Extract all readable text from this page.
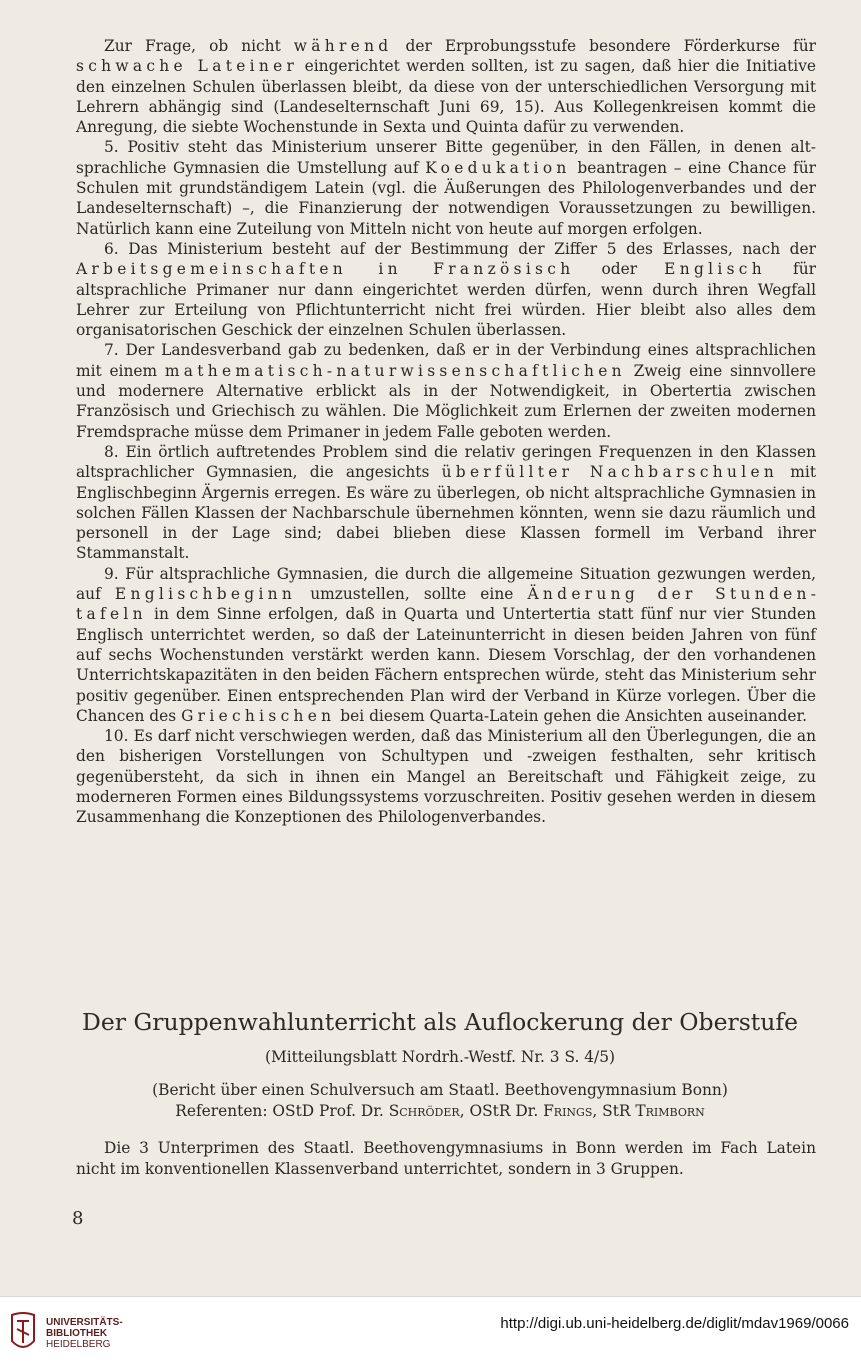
Zur Frage, ob nicht während der Erprobungsstufe besondere Förderkurse für schwache Lateiner eingerichtet werden sollten, ist zu sagen, daß hier die Initiative den einzelnen Schulen überlassen bleibt, da diese von der unterschiedlichen Versorgung mit Lehrern abhängig sind (Landeselternschaft Juni 69, 15). Aus Kollegenkreisen kommt die Anregung, die siebte Wochenstunde in Sexta und Quinta dafür zu verwenden.

5. Positiv steht das Ministerium unserer Bitte gegenüber, in den Fällen, in denen altsprachliche Gymnasien die Umstellung auf Koedukation beantragen – eine Chance für Schulen mit grundständigem Latein (vgl. die Äußerungen des Philologenverbandes und der Landeselternschaft) –, die Finanzierung der notwendigen Voraussetzungen zu bewilligen. Natürlich kann eine Zuteilung von Mitteln nicht von heute auf morgen erfolgen.

6. Das Ministerium besteht auf der Bestimmung der Ziffer 5 des Erlasses, nach der Arbeitsgemeinschaften in Französisch oder Englisch für altsprachliche Primaner nur dann eingerichtet werden dürfen, wenn durch ihren Wegfall Lehrer zur Erteilung von Pflichtunterricht nicht frei würden. Hier bleibt also alles dem organisatorischen Geschick der einzelnen Schulen überlassen.

7. Der Landesverband gab zu bedenken, daß er in der Verbindung eines altsprachlichen mit einem mathematisch-naturwissenschaftlichen Zweig eine sinnvollere und modernere Alternative erblickt als in der Notwendigkeit, in Obertertia zwischen Französisch und Griechisch zu wählen. Die Möglichkeit zum Erlernen der zweiten modernen Fremdsprache müsse dem Primaner in jedem Falle geboten werden.

8. Ein örtlich auftretendes Problem sind die relativ geringen Frequenzen in den Klassen altsprachlicher Gymnasien, die angesichts überfüllter Nachbarschulen mit Englischbeginn Ärgernis erregen. Es wäre zu überlegen, ob nicht altsprachliche Gymnasien in solchen Fällen Klassen der Nachbarschule übernehmen könnten, wenn sie dazu räumlich und personell in der Lage sind; dabei blieben diese Klassen formell im Verband ihrer Stammanstalt.

9. Für altsprachliche Gymnasien, die durch die allgemeine Situation gezwungen werden, auf Englischbeginn umzustellen, sollte eine Änderung der Stundentafeln in dem Sinne erfolgen, daß in Quarta und Untertertia statt fünf nur vier Stunden Englisch unterrichtet werden, so daß der Lateinunterricht in diesen beiden Jahren von fünf auf sechs Wochenstunden verstärkt werden kann. Diesem Vorschlag, der den vorhandenen Unterrichtskapazitäten in den beiden Fächern entsprechen würde, steht das Ministerium sehr positiv gegenüber. Einen entsprechenden Plan wird der Verband in Kürze vorlegen. Über die Chancen des Griechischen bei diesem Quarta-Latein gehen die Ansichten auseinander.

10. Es darf nicht verschwiegen werden, daß das Ministerium all den Überlegungen, die an den bisherigen Vorstellungen von Schultypen und -zweigen festhalten, sehr kritisch gegenübersteht, da sich in ihnen ein Mangel an Bereitschaft und Fähigkeit zeige, zu moderneren Formen eines Bildungssystems vorzuschreiten. Positiv gesehen werden in diesem Zusammenhang die Konzeptionen des Philologenverbandes.

Der Gruppenwahlunterricht als Auflockerung der Oberstufe
(Mitteilungsblatt Nordrh.-Westf. Nr. 3 S. 4/5)
(Bericht über einen Schulversuch am Staatl. Beethovengymnasium Bonn)
Referenten: OStD Prof. Dr. Schröder, OStR Dr. Frings, StR Trimborn

Die 3 Unterprimen des Staatl. Beethovengymnasiums in Bonn werden im Fach Latein nicht im konventionellen Klassenverband unterrichtet, sondern in 3 Gruppen.

8
UNIVERSITÄTS-
BIBLIOTHEK
HEIDELBERG
http://digi.ub.uni-heidelberg.de/diglit/mdav1969/0066
